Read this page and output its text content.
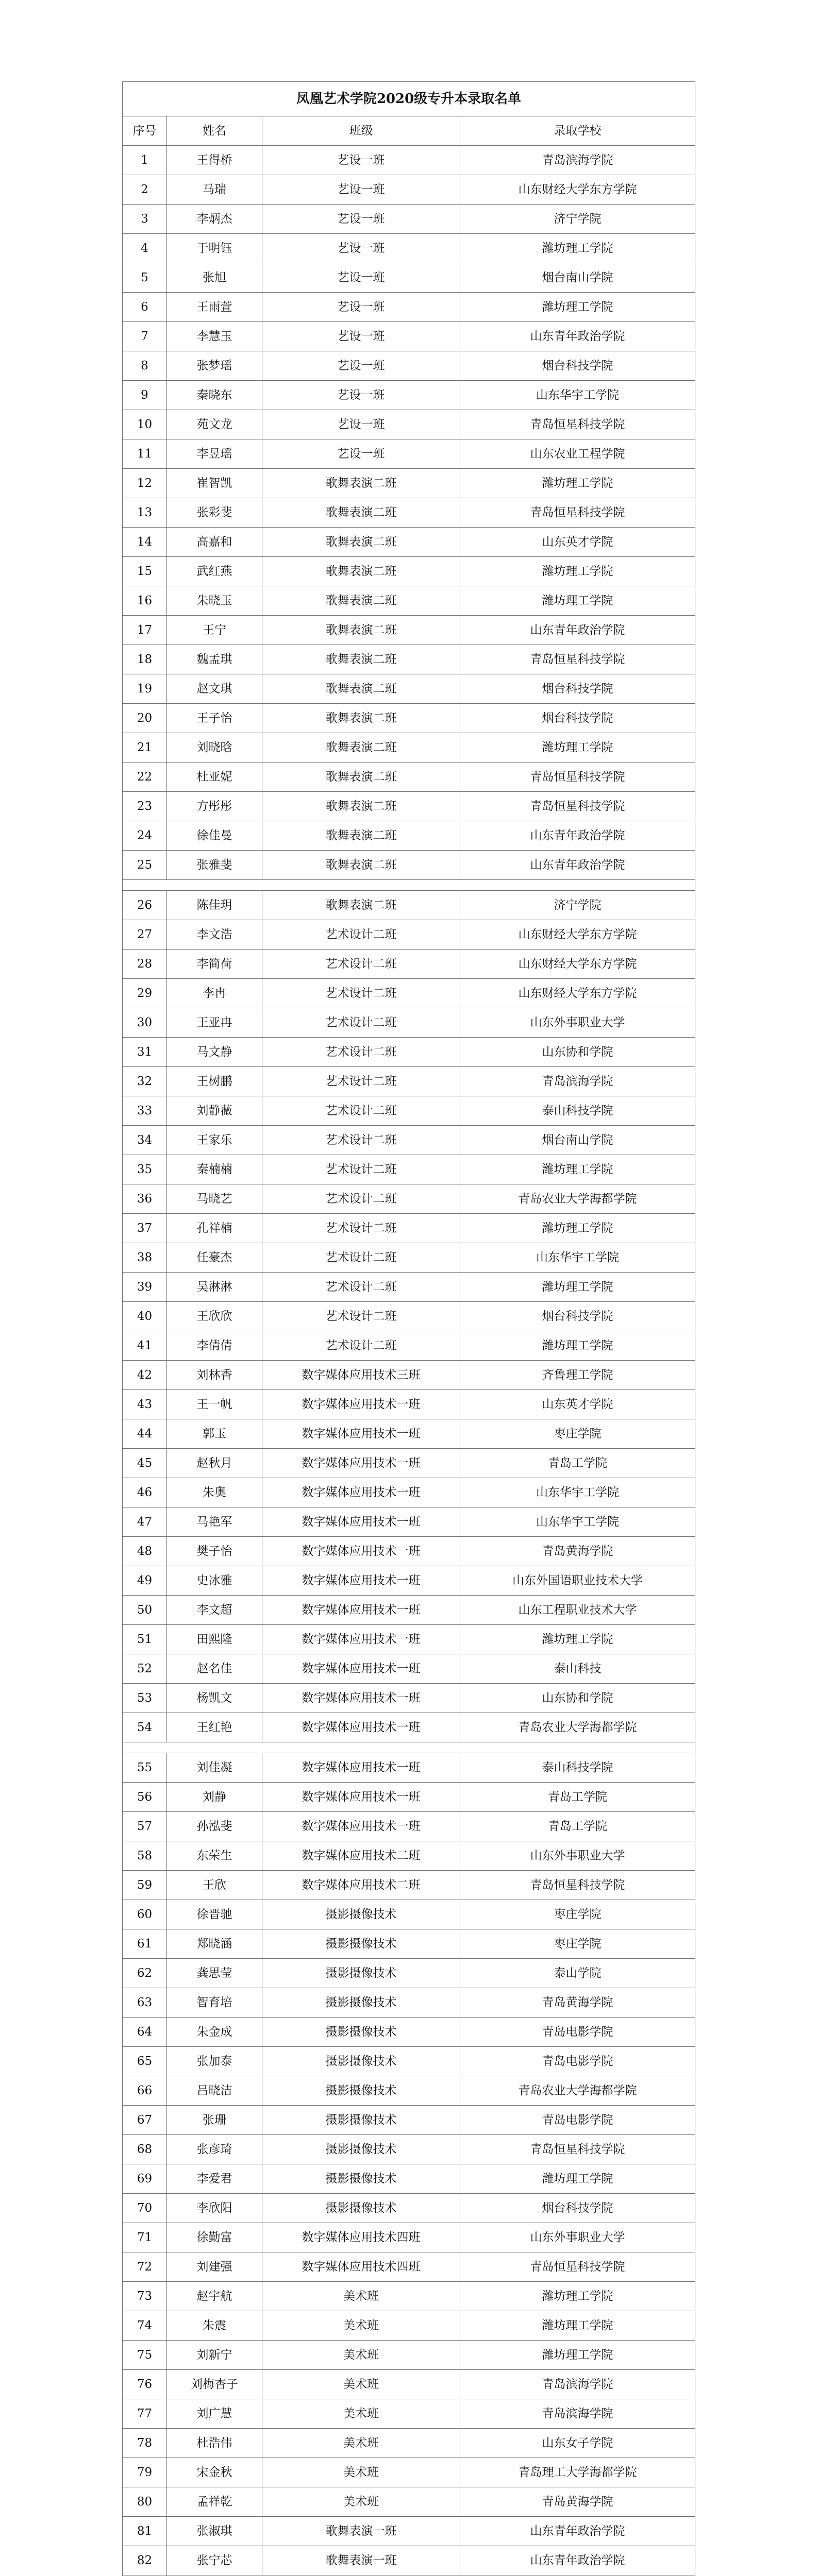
凤凰艺术学院2020级专升本录取名单			
序号	姓名	班级	录取学校
1	王得桥	艺设一班	青岛滨海学院
2	马瑞	艺设一班	山东财经大学东方学院
3	李炳杰	艺设一班	济宁学院
4	于明钰	艺设一班	潍坊理工学院
5	张旭	艺设一班	烟台南山学院
6	王雨萱	艺设一班	潍坊理工学院
7	李慧玉	艺设一班	山东青年政治学院
8	张梦瑶	艺设一班	烟台科技学院
9	秦晓东	艺设一班	山东华宇工学院
10	苑文龙	艺设一班	青岛恒星科技学院
11	李昱瑶	艺设一班	山东农业工程学院
12	崔智凯	歌舞表演二班	潍坊理工学院
13	张彩斐	歌舞表演二班	青岛恒星科技学院
14	高嘉和	歌舞表演二班	山东英才学院
15	武红燕	歌舞表演二班	潍坊理工学院
16	朱晓玉	歌舞表演二班	潍坊理工学院
17	王宁	歌舞表演二班	山东青年政治学院
18	魏孟琪	歌舞表演二班	青岛恒星科技学院
19	赵文琪	歌舞表演二班	烟台科技学院
20	王子怡	歌舞表演二班	烟台科技学院
21	刘晓晗	歌舞表演二班	潍坊理工学院
22	杜亚妮	歌舞表演二班	青岛恒星科技学院
23	方彤彤	歌舞表演二班	青岛恒星科技学院
24	徐佳曼	歌舞表演二班	山东青年政治学院
25	张雅斐	歌舞表演二班	山东青年政治学院

26	陈佳玥	歌舞表演二班	济宁学院
27	李文浩	艺术设计二班	山东财经大学东方学院
28	李简荷	艺术设计二班	山东财经大学东方学院
29	李冉	艺术设计二班	山东财经大学东方学院
30	王亚冉	艺术设计二班	山东外事职业大学
31	马文静	艺术设计二班	山东协和学院
32	王树鹏	艺术设计二班	青岛滨海学院
33	刘静薇	艺术设计二班	泰山科技学院
34	王家乐	艺术设计二班	烟台南山学院
35	秦楠楠	艺术设计二班	潍坊理工学院
36	马晓艺	艺术设计二班	青岛农业大学海都学院
37	孔祥楠	艺术设计二班	潍坊理工学院
38	任豪杰	艺术设计二班	山东华宇工学院
39	吴淋淋	艺术设计二班	潍坊理工学院
40	王欣欣	艺术设计二班	烟台科技学院
41	李倩倩	艺术设计二班	潍坊理工学院
42	刘林香	数字媒体应用技术三班	齐鲁理工学院
43	王一帆	数字媒体应用技术一班	山东英才学院
44	郭玉	数字媒体应用技术一班	枣庄学院
45	赵秋月	数字媒体应用技术一班	青岛工学院
46	朱奥	数字媒体应用技术一班	山东华宇工学院
47	马艳军	数字媒体应用技术一班	山东华宇工学院
48	樊子怡	数字媒体应用技术一班	青岛黄海学院
49	史冰雅	数字媒体应用技术一班	山东外国语职业技术大学
50	李文超	数字媒体应用技术一班	山东工程职业技术大学
51	田熙隆	数字媒体应用技术一班	潍坊理工学院
52	赵名佳	数字媒体应用技术一班	泰山科技
53	杨凯文	数字媒体应用技术一班	山东协和学院
54	王红艳	数字媒体应用技术一班	青岛农业大学海都学院

55	刘佳凝	数字媒体应用技术一班	泰山科技学院
56	刘静	数字媒体应用技术一班	青岛工学院
57	孙泓斐	数字媒体应用技术一班	青岛工学院
58	东荣生	数字媒体应用技术二班	山东外事职业大学
59	王欣	数字媒体应用技术二班	青岛恒星科技学院
60	徐晋驰	摄影摄像技术	枣庄学院
61	郑晓涵	摄影摄像技术	枣庄学院
62	龚思莹	摄影摄像技术	泰山学院
63	智育培	摄影摄像技术	青岛黄海学院
64	朱金成	摄影摄像技术	青岛电影学院
65	张加泰	摄影摄像技术	青岛电影学院
66	吕晓洁	摄影摄像技术	青岛农业大学海都学院
67	张珊	摄影摄像技术	青岛电影学院
68	张彦琦	摄影摄像技术	青岛恒星科技学院
69	李爱君	摄影摄像技术	潍坊理工学院
70	李欣阳	摄影摄像技术	烟台科技学院
71	徐勤富	数字媒体应用技术四班	山东外事职业大学
72	刘建强	数字媒体应用技术四班	青岛恒星科技学院
73	赵宇航	美术班	潍坊理工学院
74	朱震	美术班	潍坊理工学院
75	刘新宁	美术班	潍坊理工学院
76	刘梅杏子	美术班	青岛滨海学院
77	刘广慧	美术班	青岛滨海学院
78	杜浩伟	美术班	山东女子学院
79	宋金秋	美术班	青岛理工大学海都学院
80	孟祥乾	美术班	青岛黄海学院
81	张淑琪	歌舞表演一班	山东青年政治学院
82	张宁芯	歌舞表演一班	山东青年政治学院
